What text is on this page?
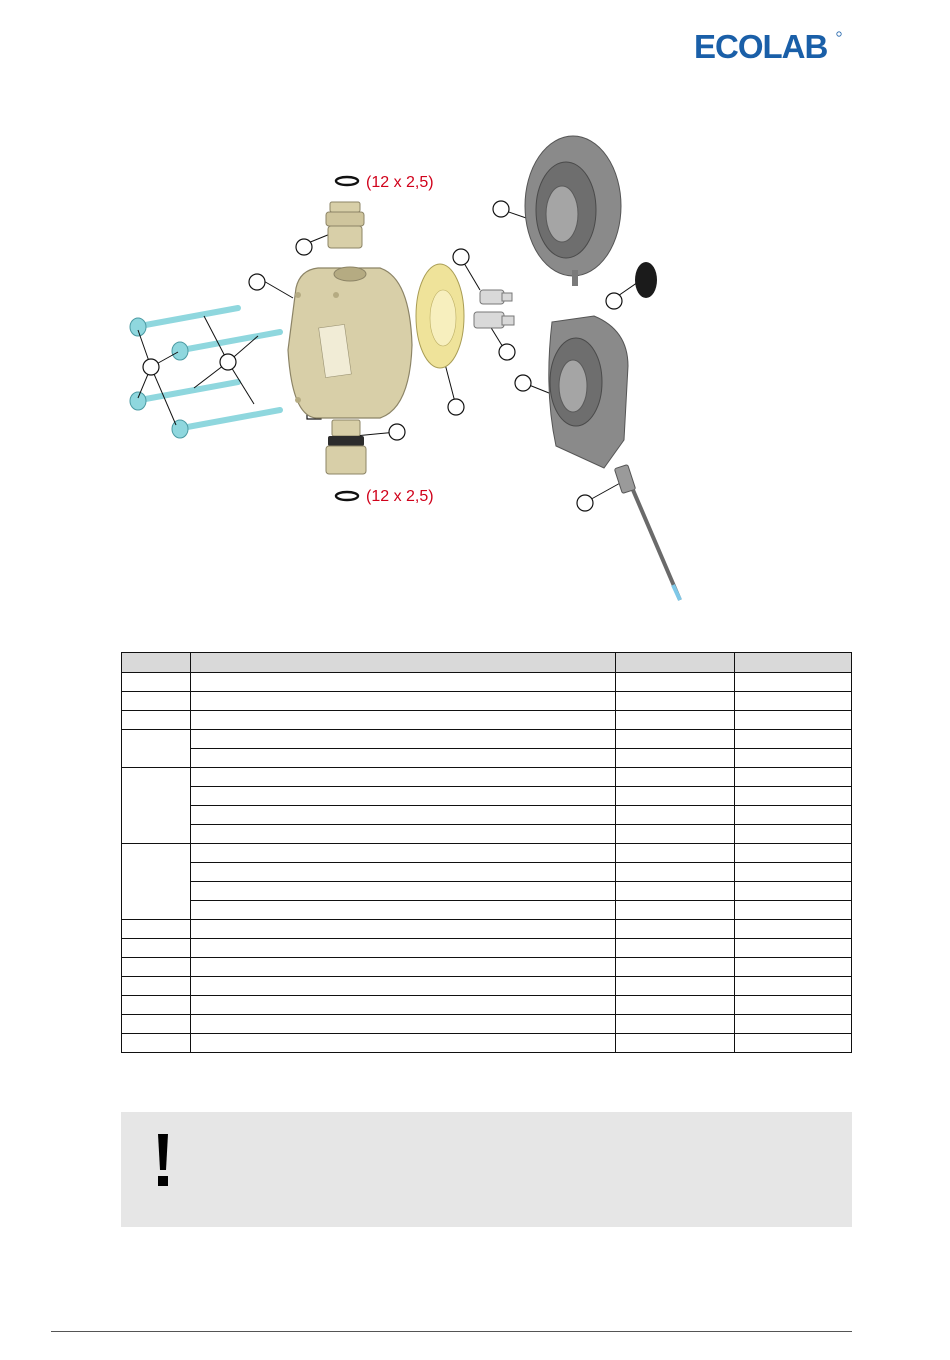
ECOLAB
(12 x 2,5)
(12 x 2,5)
